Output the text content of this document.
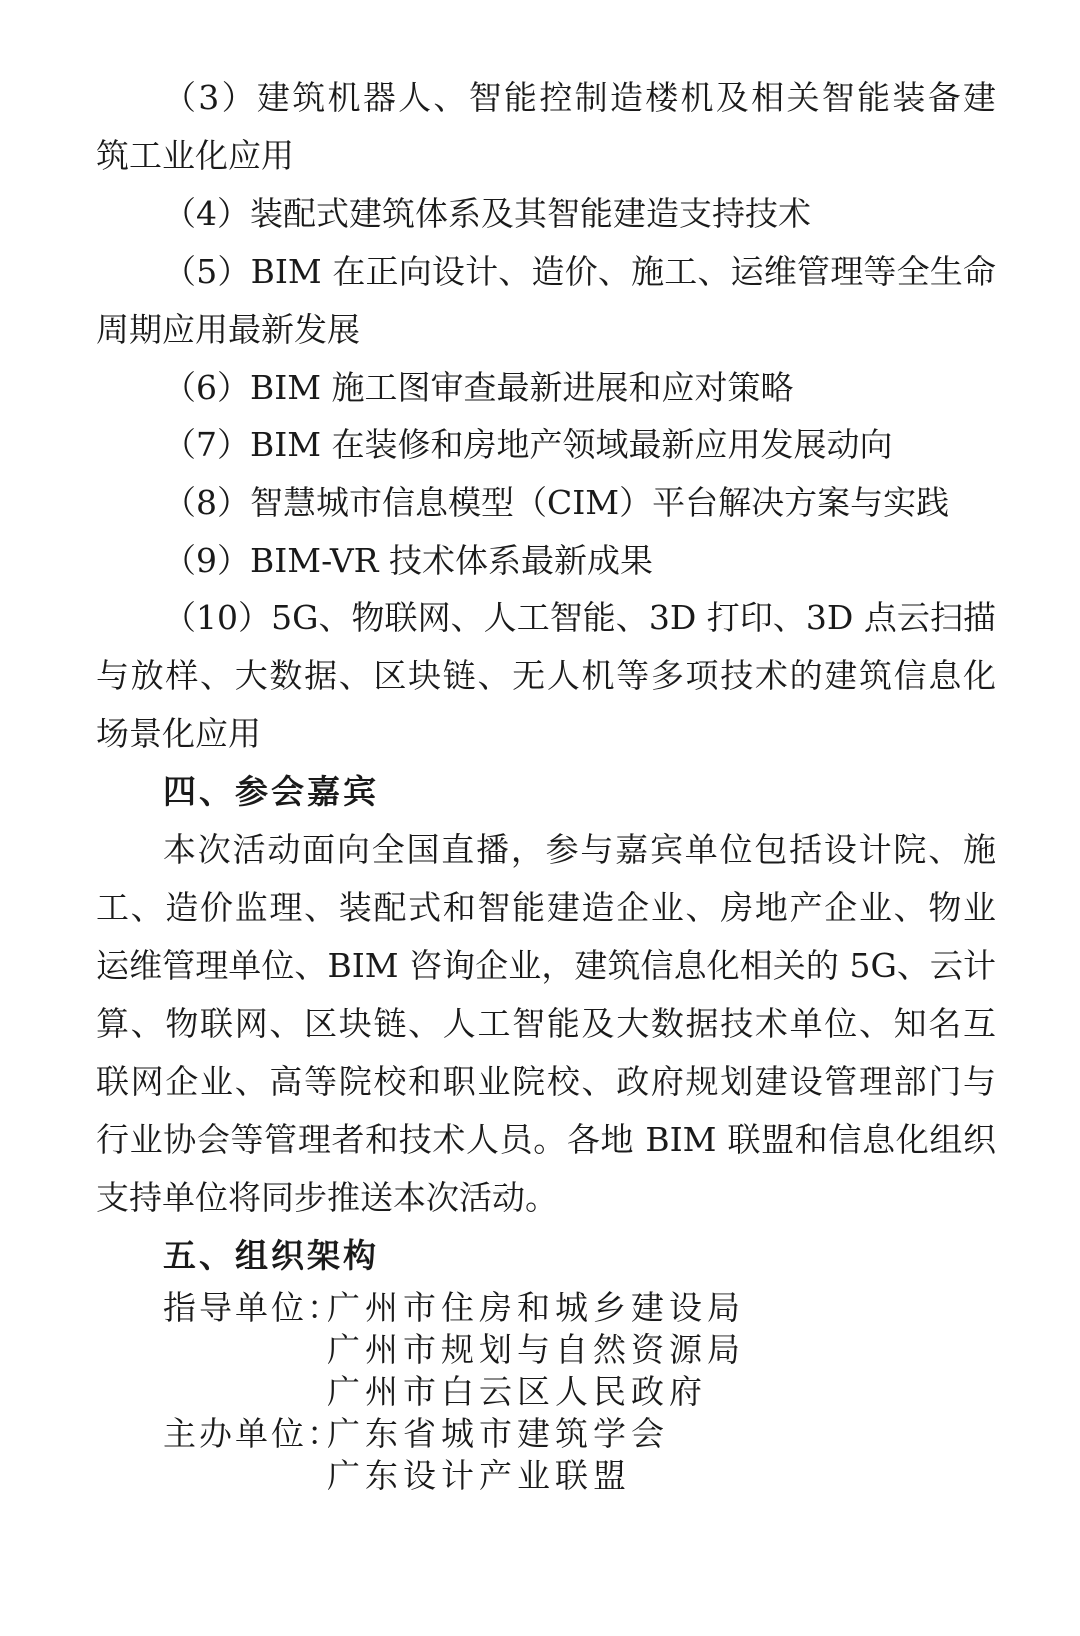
（3）建筑机器人、智能控制造楼机及相关智能装备建
筑工业化应用
（4）装配式建筑体系及其智能建造支持技术
（5）BIM 在正向设计、造价、施工、运维管理等全生命
周期应用最新发展
（6）BIM 施工图审查最新进展和应对策略
（7）BIM 在装修和房地产领域最新应用发展动向
（8）智慧城市信息模型（CIM）平台解决方案与实践
（9）BIM-VR 技术体系最新成果
（10）5G、物联网、人工智能、3D 打印、3D 点云扫描
与放样、大数据、区块链、无人机等多项技术的建筑信息化
场景化应用
四、参会嘉宾
本次活动面向全国直播，参与嘉宾单位包括设计院、施
工、造价监理、装配式和智能建造企业、房地产企业、物业
运维管理单位、BIM 咨询企业，建筑信息化相关的 5G、云计
算、物联网、区块链、人工智能及大数据技术单位、知名互
联网企业、高等院校和职业院校、政府规划建设管理部门与
行业协会等管理者和技术人员。各地 BIM 联盟和信息化组织
支持单位将同步推送本次活动。
五、组织架构
指导单位：
广州市住房和城乡建设局
广州市规划与自然资源局
广州市白云区人民政府
主办单位：
广东省城市建筑学会
广东设计产业联盟
